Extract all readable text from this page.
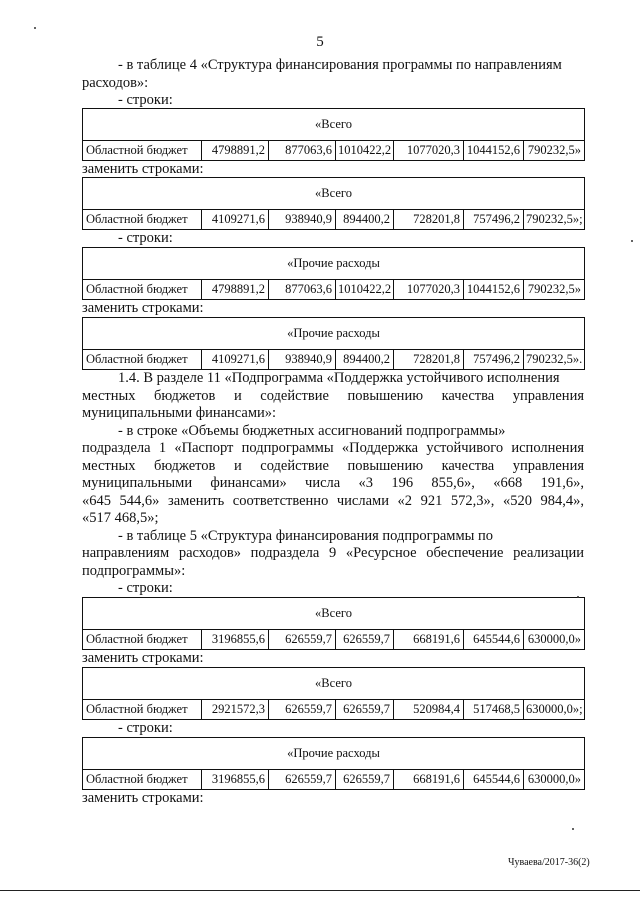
5
- в таблице 4 «Структура финансирования программы по направлениям
расходов»:
- строки:
«Всего
Областной бюджет	4798891,2	877063,6	1010422,2	1077020,3	1044152,6	790232,5»
заменить строками:
«Всего
Областной бюджет	4109271,6	938940,9	894400,2	728201,8	757496,2	790232,5»;
- строки:
«Прочие расходы
Областной бюджет	4798891,2	877063,6	1010422,2	1077020,3	1044152,6	790232,5»
заменить строками:
«Прочие расходы
Областной бюджет	4109271,6	938940,9	894400,2	728201,8	757496,2	790232,5».
1.4. В разделе 11 «Подпрограмма «Поддержка устойчивого исполнения
местных бюджетов и содействие повышению качества управления
муниципальными финансами»:
- в строке «Объемы бюджетных ассигнований подпрограммы»
подраздела 1 «Паспорт подпрограммы «Поддержка устойчивого исполнения
местных бюджетов и содействие повышению качества управления
муниципальными финансами» числа «3 196 855,6», «668 191,6»,
«645 544,6» заменить соответственно числами «2 921 572,3», «520 984,4»,
«517 468,5»;
- в таблице 5 «Структура финансирования подпрограммы по
направлениям расходов» подраздела 9 «Ресурсное обеспечение реализации
подпрограммы»:
- строки:
«Всего
Областной бюджет	3196855,6	626559,7	626559,7	668191,6	645544,6	630000,0»
заменить строками:
«Всего
Областной бюджет	2921572,3	626559,7	626559,7	520984,4	517468,5	630000,0»;
- строки:
«Прочие расходы
Областной бюджет	3196855,6	626559,7	626559,7	668191,6	645544,6	630000,0»
заменить строками:
Чуваева/2017-36(2)
